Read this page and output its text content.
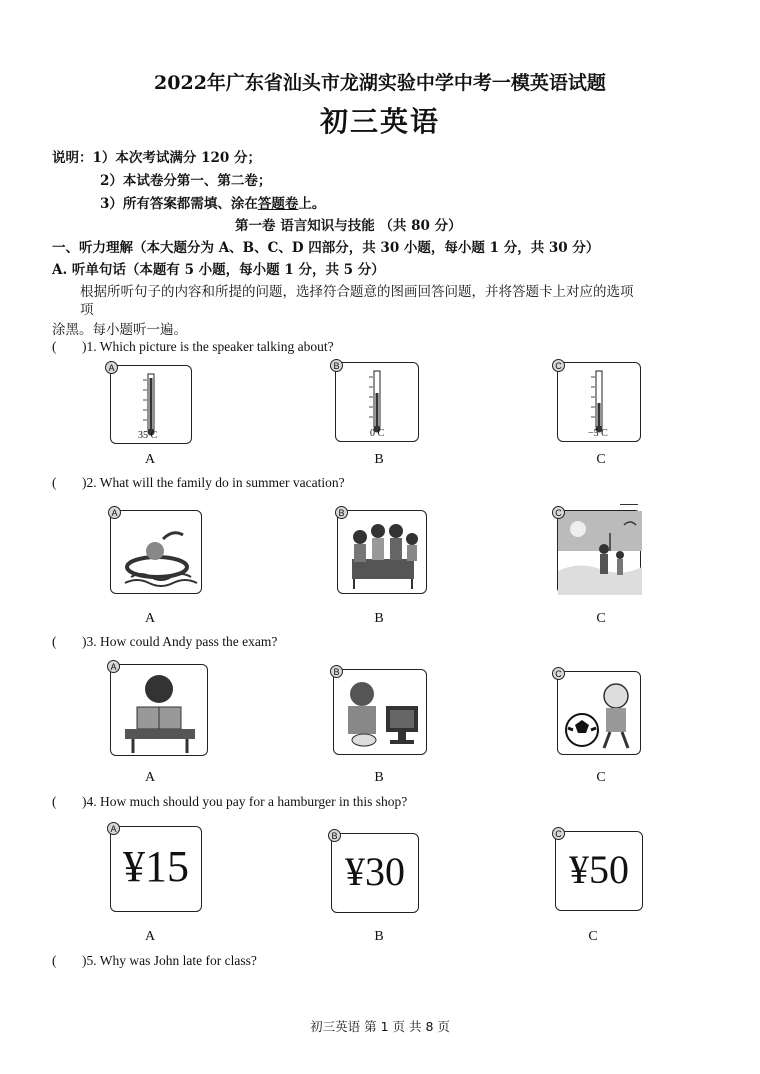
2022年广东省汕头市龙湖实验中学中考一模英语试题
初三英语
说明：1）本次考试满分 120 分；
2）本试卷分第一、第二卷；
3）所有答案都需填、涂在答题卷上。
第一卷 语言知识与技能 （共 80 分）
一、听力理解（本大题分为 A、B、C、D 四部分，共 30 小题，每小题 1 分，共 30 分）
A. 听单句话（本题有 5 小题，每小题 1 分，共 5 分）
根据所听句子的内容和所提的问题，选择符合题意的图画回答问题，并将答题卡上对应的选项
项
涂黑。每小题听一遍。
( )1. Which picture is the speaker talking about?
35 C
A
0 C
B
−5 C
C
A	B	C
( )2. What will the family do in summer vacation?
A	B	C
A	B	C
( )3. How could Andy pass the exam?
A	B	C
A	B	C
( )4. How much should you pay for a hamburger in this shop?
¥15
A
¥30
B
¥50
C
A	B	C
( )5. Why was John late for class?
初三英语 第 1 页 共 8 页
